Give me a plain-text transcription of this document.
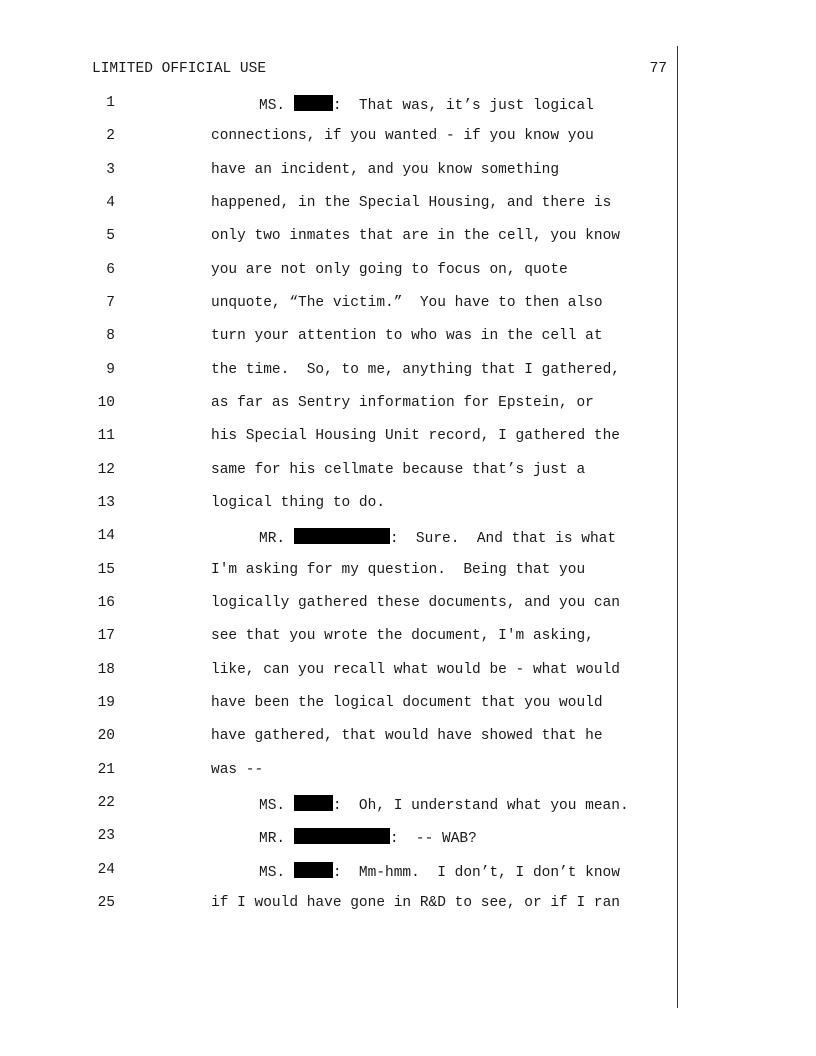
LIMITED OFFICIAL USE	77
1	MS.	:  That was, it’s just logical
2	connections, if you wanted - if you know you
3	have an incident, and you know something
4	happened, in the Special Housing, and there is
5	only two inmates that are in the cell, you know
6	you are not only going to focus on, quote
7	unquote, “The victim.”  You have to then also
8	turn your attention to who was in the cell at
9	the time.  So, to me, anything that I gathered,
10	as far as Sentry information for Epstein, or
11	his Special Housing Unit record, I gathered the
12	same for his cellmate because that’s just a
13	logical thing to do.
14	MR.	:  Sure.  And that is what
15	I'm asking for my question.  Being that you
16	logically gathered these documents, and you can
17	see that you wrote the document, I'm asking,
18	like, can you recall what would be - what would
19	have been the logical document that you would
20	have gathered, that would have showed that he
21	was --
22	MS.	:  Oh, I understand what you mean.
23	MR.	:  -- WAB?
24	MS.	:  Mm-hmm.  I don’t, I don’t know
25	if I would have gone in R&D to see, or if I ran
